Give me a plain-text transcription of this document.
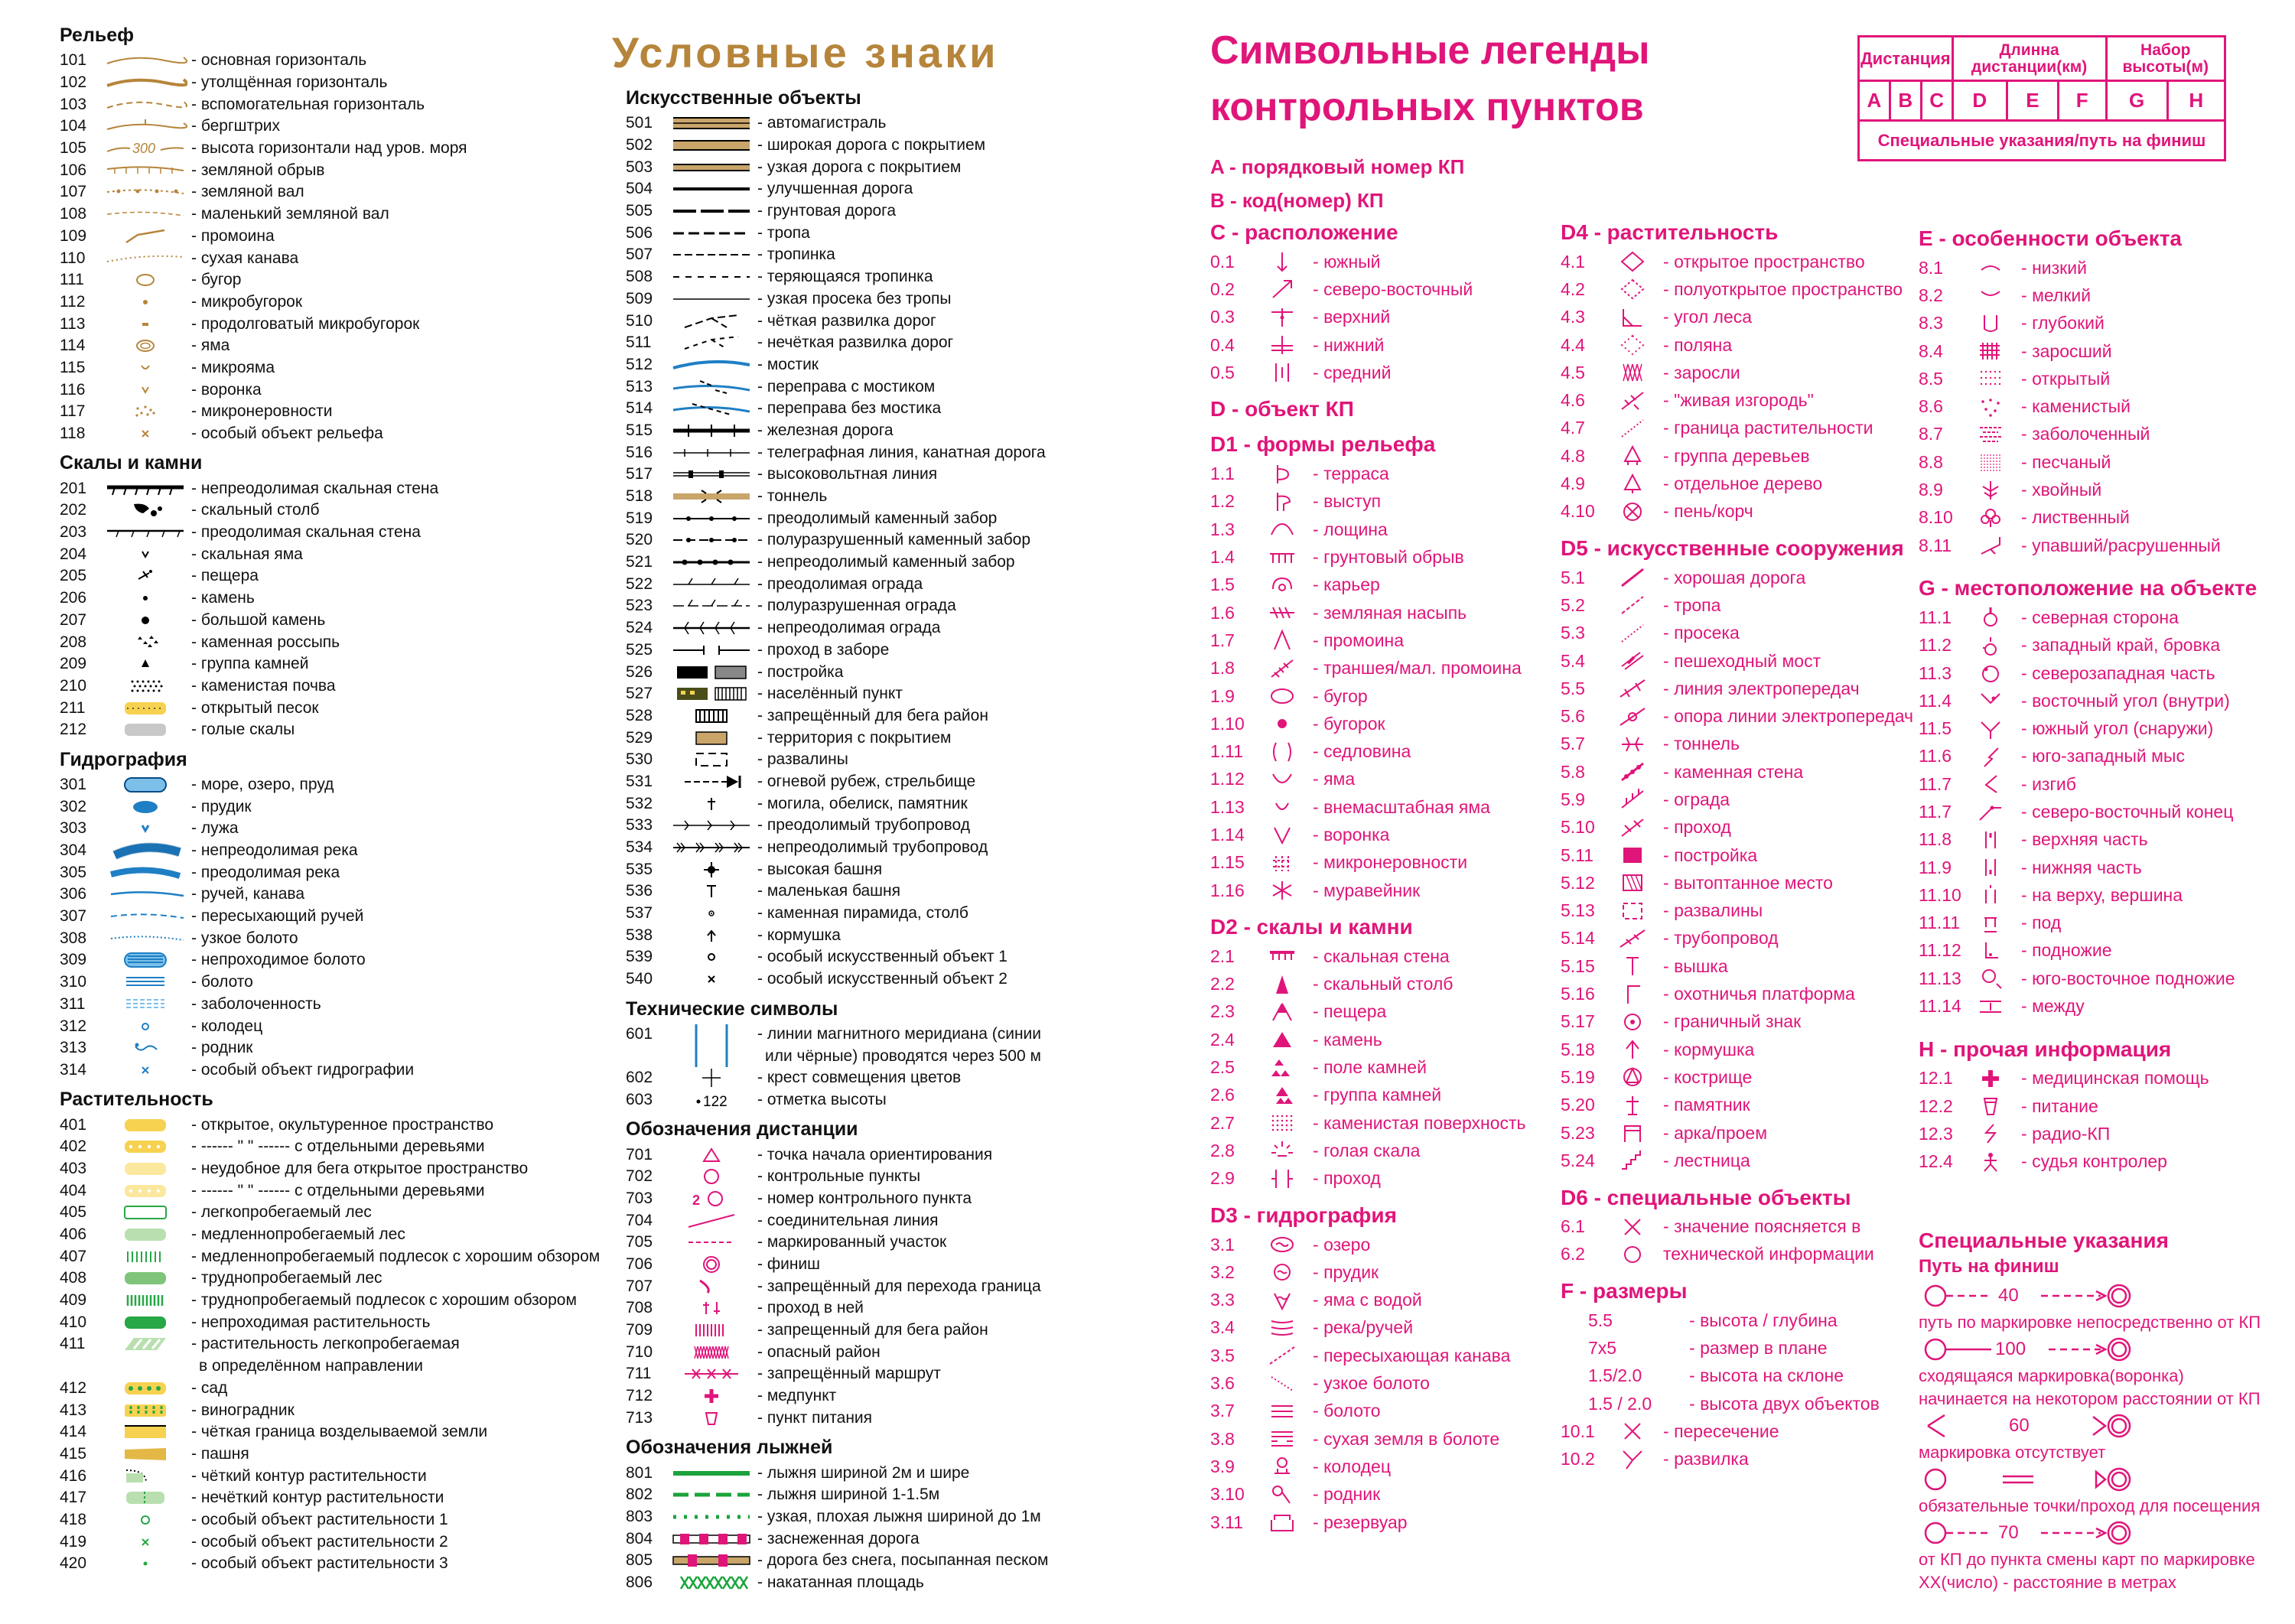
Условные знаки	Символьные легенды
контрольных пунктов
Дистанция			Длинна дистанции(км)			Набор высоты(м)	
A	B	C	D	E	F	G	H
Специальные указания/путь на финиш							
Рельеф
101	- основная горизонталь
102	- утолщённая горизонталь
103	- вспомогательная горизонталь
104	- бергштрих
105	300	- высота горизонтали над уров. моря
106	- земляной обрыв
107	- земляной вал
108	- маленький земляной вал
109	- промоина
110	- сухая канава
111	- бугор
112	- микробугорок
113	- продолговатый микробугорок
114	- яма
115	- микрояма
116	- воронка
117	- микронеровности
118	- особый объект рельефа
Скалы и камни
201	- непреодолимая скальная стена
202	- скальный столб
203	- преодолимая скальная стена
204	- скальная яма
205	- пещера
206	- камень
207	- большой камень
208	- каменная россыпь
209	- группа камней
210	- каменистая почва
211	- открытый песок
212	- голые скалы
Гидрография
301	- море, озеро, пруд
302	- прудик
303	- лужа
304	- непреодолимая река
305	- преодолимая река
306	- ручей, канава
307	- пересыхающий ручей
308	- узкое болото
309	- непроходимое болото
310	- болото
311	- заболоченность
312	- колодец
313	- родник
314	- особый объект гидрографии
Растительность
401	- открытое, окультуренное пространство
402	- ------ " " ------ с отдельными деревьями
403	- неудобное для бега открытое пространство
404	- ------ " " ------ с отдельными деревьями
405	- легкопробегаемый лес
406	- медленнопробегаемый лес
407	- медленнопробегаемый подлесок с хорошим обзором
408	- труднопробегаемый лес
409	- труднопробегаемый подлесок с хорошим обзором
410	- непроходимая растительность
411	- растительность легкопробегаемая
в определённом направлении
412	- сад
413	- виноградник
414	- чёткая граница возделываемой земли
415	- пашня
416	- чёткий контур растительности
417	- нечёткий контур растительности
418	- особый объект растительности 1
419	- особый объект растительности 2
420	- особый объект растительности 3
Искусственные объекты
501	- автомагистраль
502	- широкая дорога с покрытием
503	- узкая дорога с покрытием
504	- улучшенная дорога
505	- грунтовая дорога
506	- тропа
507	- тропинка
508	- теряющаяся тропинка
509	- узкая просека без тропы
510	- чёткая развилка дорог
511	- нечёткая развилка дорог
512	- мостик
513	- переправа с мостиком
514	- переправа без мостика
515	- железная дорога
516	- телеграфная линия, канатная дорога
517	- высоковольтная линия
518	- тоннель
519	- преодолимый каменный забор
520	- полуразрушенный каменный забор
521	- непреодолимый каменный забор
522	- преодолимая ограда
523	- полуразрушенная ограда
524	- непреодолимая ограда
525	- проход в заборе
526	- постройка
527	- населённый пункт
528	- запрещённый для бега район
529	- территория с покрытием
530	- развалины
531	- огневой рубеж, стрельбище
532	- могила, обелиск, памятник
533	- преодолимый трубопровод
534	- непреодолимый трубопровод
535	- высокая башня
536	- маленькая башня
537	- каменная пирамида, столб
538	- кормушка
539	- особый искусственный объект 1
540	- особый искусственный объект 2
Технические символы
601	- линии магнитного меридиана (синии
или чёрные) проводятся через 500 м
602	- крест совмещения цветов
603	122	- отметка высоты
Обозначения дистанции
701	- точка начала ориентирования
702	- контрольные пункты
703	2	- номер контрольного пункта
704	- соединительная линия
705	- маркированный участок
706	- финиш
707	- запрещённый для перехода граница
708	- проход в ней
709	- запрещенный для бега район
710	- опасный район
711	- запрещённый маршрут
712	- медпункт
713	- пункт питания
Обозначения лыжней
801	- лыжня шириной 2м и шире
802	- лыжня шириной 1-1.5м
803	- узкая, плохая лыжня шириной до 1м
804	- заснеженная дорога
805	- дорога без снега, посыпанная песком
806	- накатанная площадь
A - порядковый номер КП
B - код(номер) КП
C - расположение
0.1	- южный
0.2	- северо-восточный
0.3	- верхний
0.4	- нижний
0.5	- средний
D - объект КП
D1 - формы рельефа
1.1	- терраса
1.2	- выступ
1.3	- лощина
1.4	- грунтовый обрыв
1.5	- карьер
1.6	- земляная насыпь
1.7	- промоина
1.8	- траншея/мал. промоина
1.9	- бугор
1.10	- бугорок
1.11	- седловина
1.12	- яма
1.13	- внемасштабная яма
1.14	- воронка
1.15	- микронеровности
1.16	- муравейник
D2 - скалы и камни
2.1	- скальная стена
2.2	- скальный столб
2.3	- пещера
2.4	- камень
2.5	- поле камней
2.6	- группа камней
2.7	- каменистая поверхность
2.8	- голая скала
2.9	- проход
D3 - гидрография
3.1	- озеро
3.2	- прудик
3.3	- яма с водой
3.4	- река/ручей
3.5	- пересыхающая канава
3.6	- узкое болото
3.7	- болото
3.8	- сухая земля в болоте
3.9	- колодец
3.10	- родник
3.11	- резервуар
D4 - растительность
4.1	- открытое пространство
4.2	- полуоткрытое пространство
4.3	- угол леса
4.4	- поляна
4.5	- заросли
4.6	- "живая изгородь"
4.7	- граница растительности
4.8	- группа деревьев
4.9	- отдельное дерево
4.10	- пень/корч
D5 - искусственные сооружения
5.1	- хорошая дорога
5.2	- тропа
5.3	- просека
5.4	- пешеходный мост
5.5	- линия электропередач
5.6	- опора линии электропередач
5.7	- тоннель
5.8	- каменная стена
5.9	- ограда
5.10	- проход
5.11	- постройка
5.12	- вытоптанное место
5.13	- развалины
5.14	- трубопровод
5.15	- вышка
5.16	- охотничья платформа
5.17	- граничный знак
5.18	- кормушка
5.19	- кострище
5.20	- памятник
5.23	- арка/проем
5.24	- лестница
D6 - специальные объекты
6.1	- значение поясняется в
6.2	технической информации
F - размеры
5.5	- высота / глубина
7x5	- размер в плане
1.5/2.0	- высота на склоне
1.5 / 2.0	- высота двух объектов
10.1	- пересечение
10.2	- развилка
E - особенности объекта
8.1	- низкий
8.2	- мелкий
8.3	- глубокий
8.4	- заросший
8.5	- открытый
8.6	- каменистый
8.7	- заболоченный
8.8	- песчаный
8.9	- хвойный
8.10	- лиственный
8.11	- упавший/расрушенный
G - местоположение на объекте
11.1	- северная сторона
11.2	- западный край, бровка
11.3	- северозападная часть
11.4	- восточный угол (внутри)
11.5	- южный угол (снаружи)
11.6	- юго-западный мыс
11.7	- изгиб
11.7	- северо-восточный конец
11.8	- верхняя часть
11.9	- нижняя часть
11.10	- на верху, вершина
11.11	- под
11.12	- подножие
11.13	- юго-восточное подножие
11.14	- между
H - прочая информация
12.1	- медицинская помощь
12.2	- питание
12.3	- радио-КП
12.4	- судья контролер
Специальные указания
Путь на финиш
40
путь по маркировке непосредственно от КП
100
сходящаяся маркировка(воронка)
начинается на некотором расстоянии от КП
60
маркировка отсутствует
обязательные точки/проход для посещения
70
от КП до пункта смены карт по маркировке
XX(число) - расстояние в метрах
